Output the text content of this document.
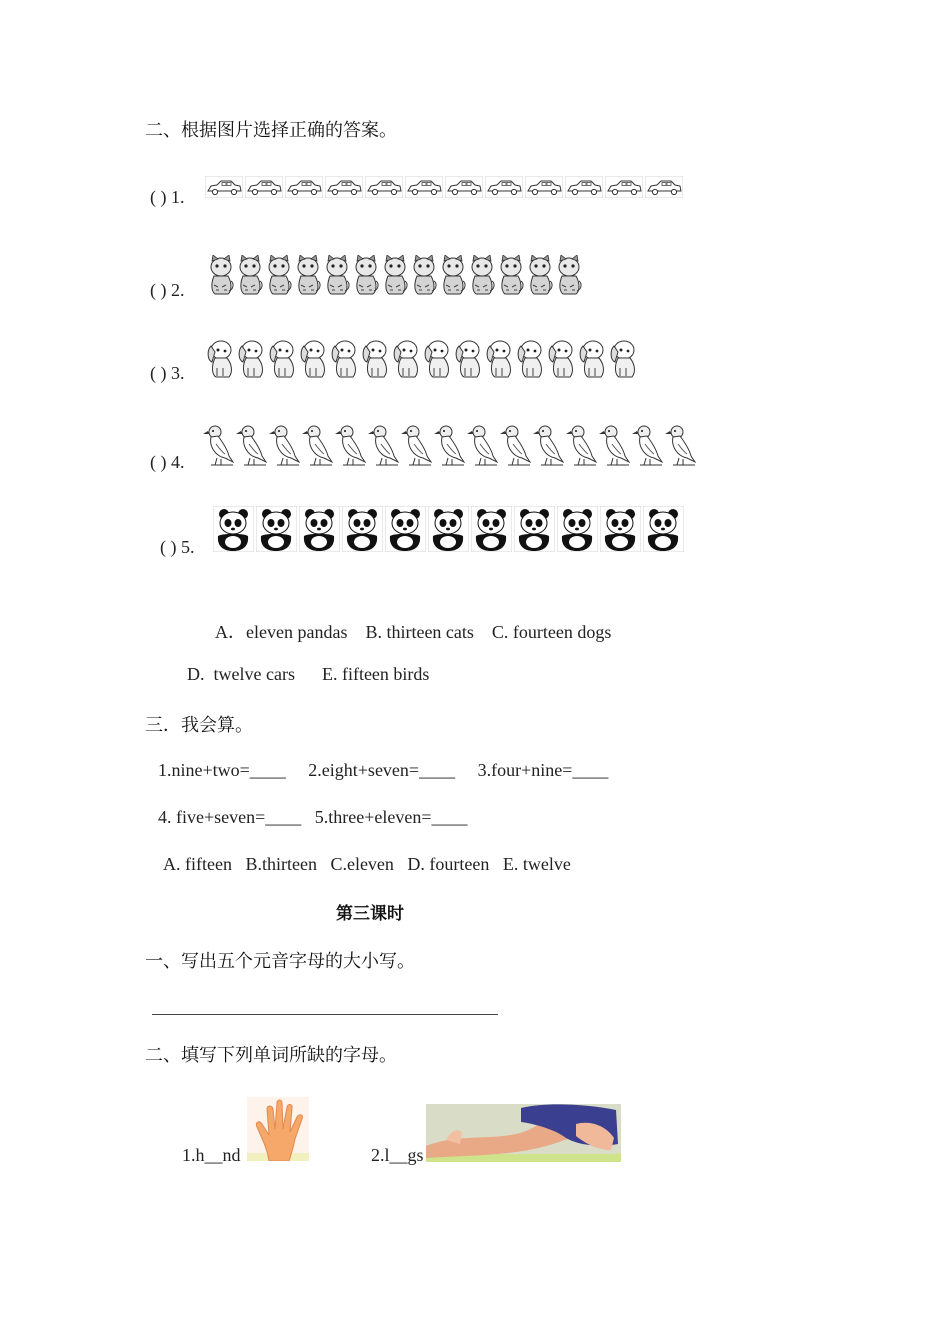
二、根据图片选择正确的答案。
( ) 1.
( ) 2.
( ) 3.
( ) 4.
( ) 5.
A．eleven pandas    B. thirteen cats    C. fourteen dogs
D.  twelve cars      E. fifteen birds
三．我会算。
1.nine+two=____     2.eight+seven=____     3.four+nine=____
4. five+seven=____   5.three+eleven=____
A. fifteen   B.thirteen   C.eleven   D. fourteen   E. twelve
第三课时
一、写出五个元音字母的大小写。
二、填写下列单词所缺的字母。
1.h__nd	2.l__gs
